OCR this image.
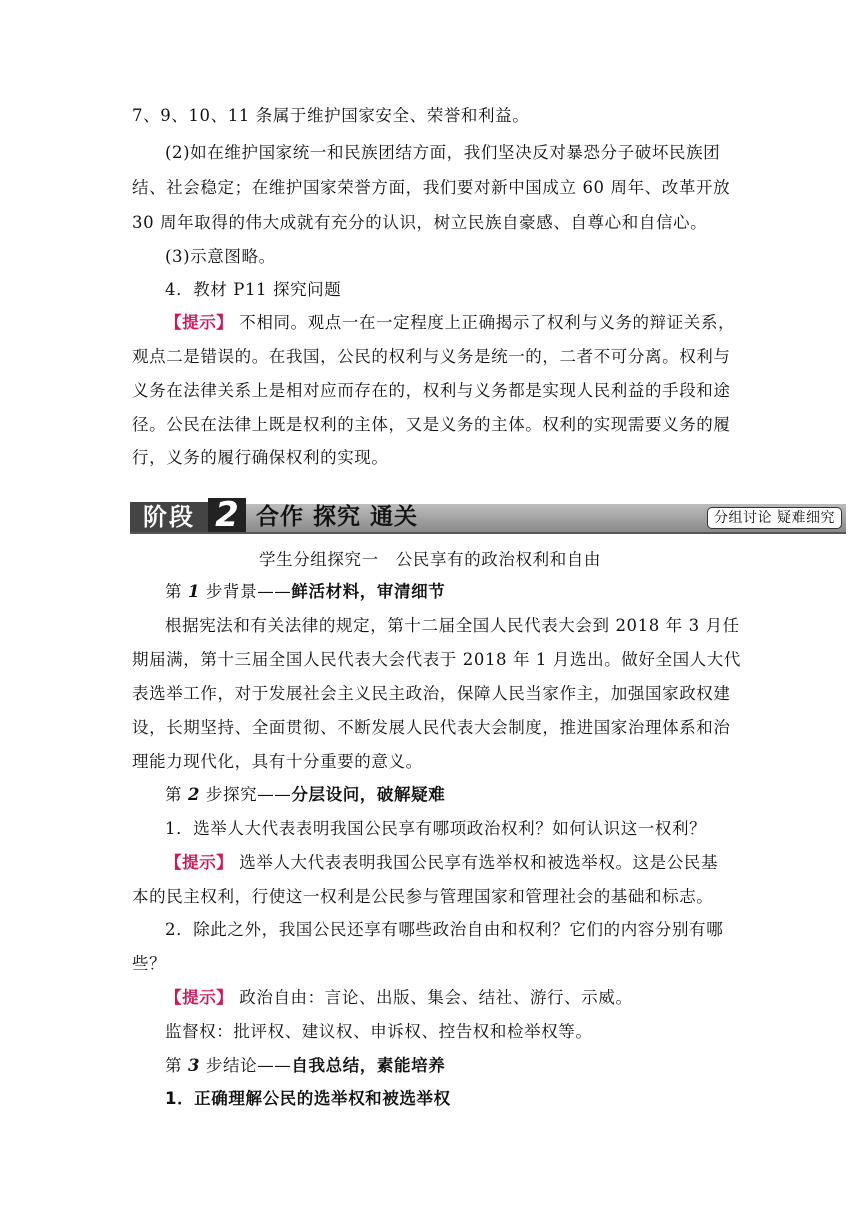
7、9、10、11 条属于维护国家安全、荣誉和利益。
(2)如在维护国家统一和民族团结方面，我们坚决反对暴恐分子破坏民族团
结、社会稳定；在维护国家荣誉方面，我们要对新中国成立 60 周年、改革开放
30 周年取得的伟大成就有充分的认识，树立民族自豪感、自尊心和自信心。
(3)示意图略。
4．教材 P11 探究问题
【提示】 不相同。观点一在一定程度上正确揭示了权利与义务的辩证关系，
观点二是错误的。在我国，公民的权利与义务是统一的，二者不可分离。权利与
义务在法律关系上是相对应而存在的，权利与义务都是实现人民利益的手段和途
径。公民在法律上既是权利的主体，又是义务的主体。权利的实现需要义务的履
行，义务的履行确保权利的实现。
阶段 2 合作 探究 通关	分组讨论 疑难细究
学生分组探究一　公民享有的政治权利和自由
第 1 步背景——鲜活材料，审清细节
根据宪法和有关法律的规定，第十二届全国人民代表大会到 2018 年 3 月任
期届满，第十三届全国人民代表大会代表于 2018 年 1 月选出。做好全国人大代
表选举工作，对于发展社会主义民主政治，保障人民当家作主，加强国家政权建
设，长期坚持、全面贯彻、不断发展人民代表大会制度，推进国家治理体系和治
理能力现代化，具有十分重要的意义。
第 2 步探究——分层设问，破解疑难
1．选举人大代表表明我国公民享有哪项政治权利？如何认识这一权利？
【提示】 选举人大代表表明我国公民享有选举权和被选举权。这是公民基
本的民主权利，行使这一权利是公民参与管理国家和管理社会的基础和标志。
2．除此之外，我国公民还享有哪些政治自由和权利？它们的内容分别有哪
些？
【提示】 政治自由：言论、出版、集会、结社、游行、示威。
监督权：批评权、建议权、申诉权、控告权和检举权等。
第 3 步结论——自我总结，素能培养
1．正确理解公民的选举权和被选举权
